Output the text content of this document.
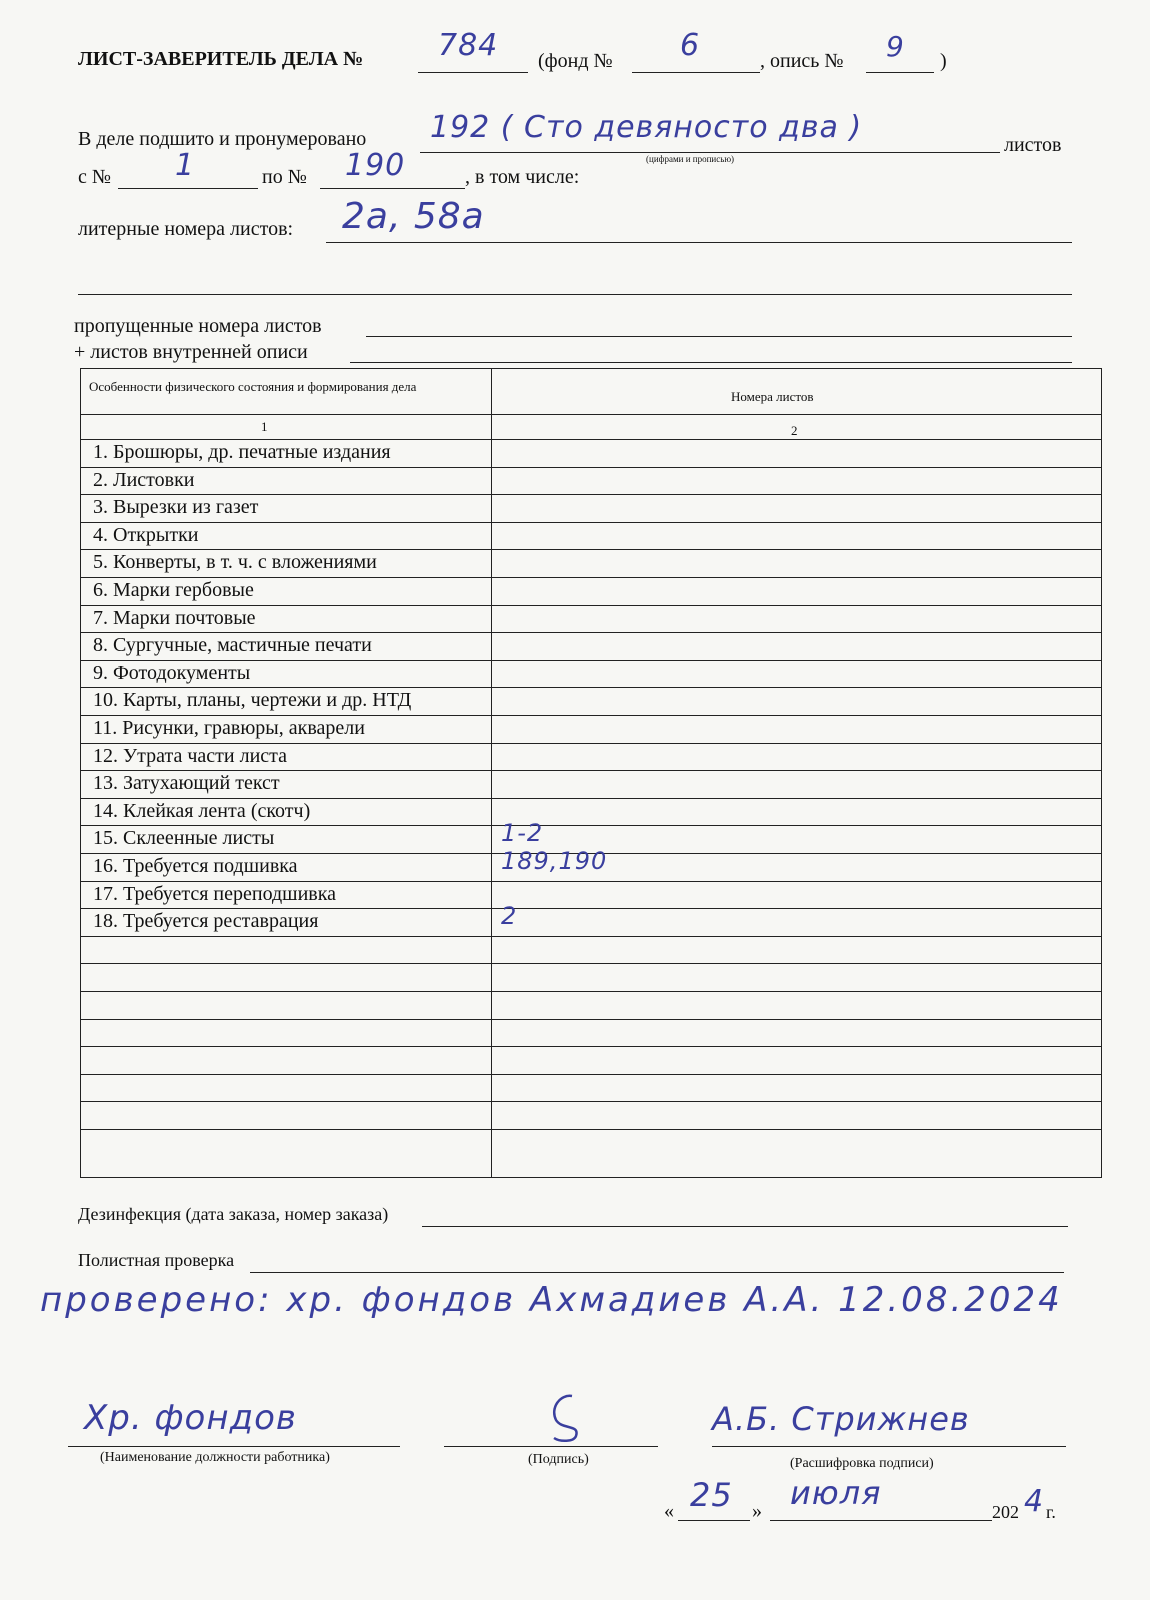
ЛИСТ-ЗАВЕРИТЕЛЬ ДЕЛА № 784 (фонд № 6	, опись № 9 )
В деле подшито и пронумеровано 192 ( Сто девяносто два )
(цифрами и прописью)
листов
с № 1	по № 190	, в том числе:
литерные номера листов: 2а, 58а
пропущенные номера листов
+ листов внутренней описи
Особенности физического состояния и формирования дела
Номера листов
1	2
1. Брошюры, др. печатные издания
2. Листовки
3. Вырезки из газет
4. Открытки
5. Конверты, в т. ч. с вложениями
6. Марки гербовые
7. Марки почтовые
8. Сургучные, мастичные печати
9. Фотодокументы
10. Карты, планы, чертежи и др. НТД
11. Рисунки, гравюры, акварели
12. Утрата части листа
13. Затухающий текст
14. Клейкая лента (скотч)
15. Склеенные листы	1-2
16. Требуется подшивка	189,190
17. Требуется переподшивка
18. Требуется реставрация	2
Дезинфекция (дата заказа, номер заказа)
Полистная проверка
проверено: хр. фондов Ахмадиев А.А. 12.08.2024
Хр. фондов
(Наименование должности работника)	(Подпись)
А.Б. Стрижнев
(Расшифровка подписи)
« 25 » июля	202 4 г.
